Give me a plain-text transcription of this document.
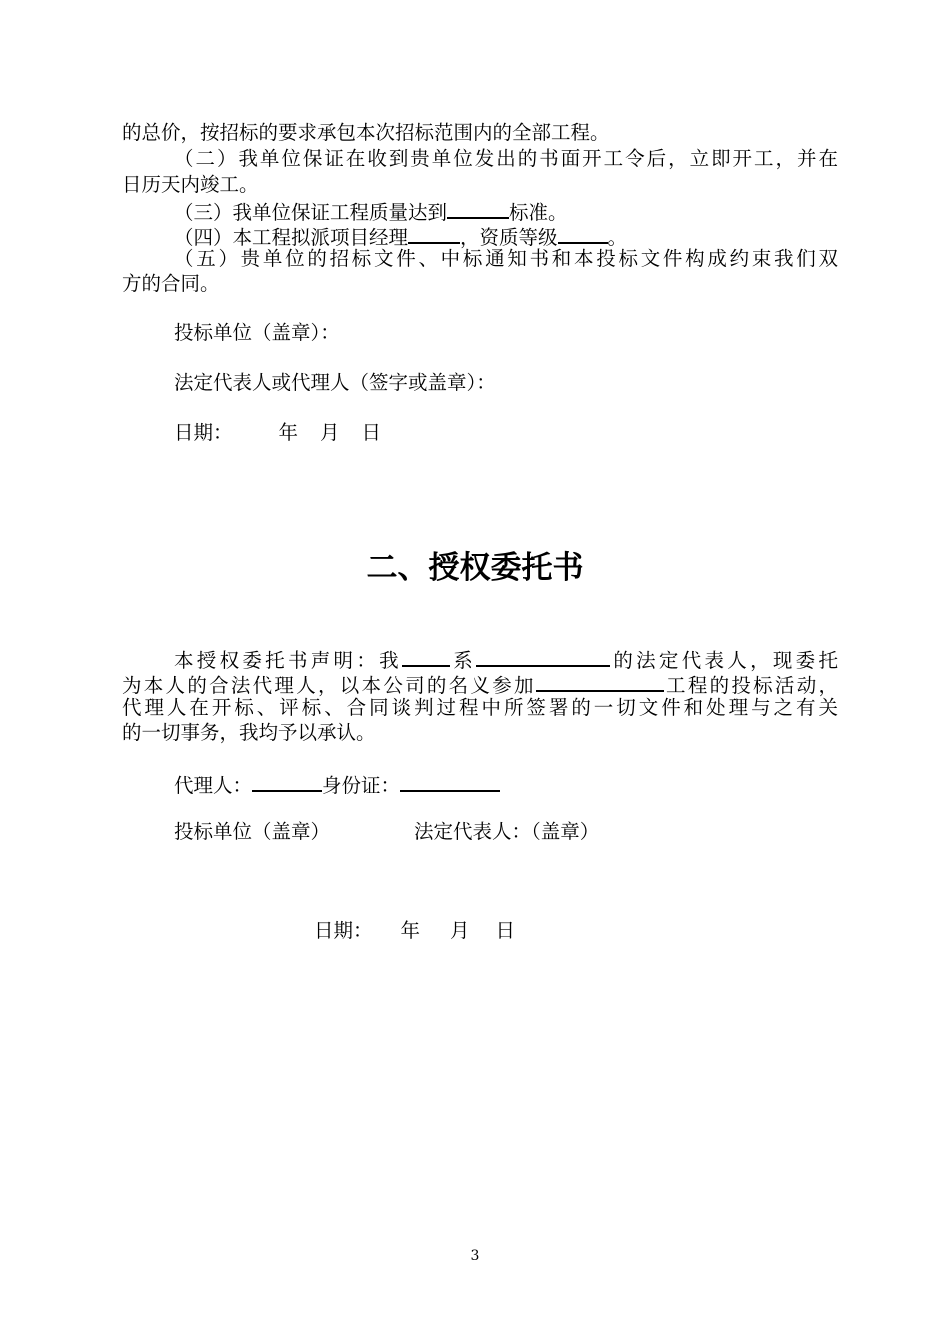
的总价，按招标的要求承包本次招标范围内的全部工程。
（二）我单位保证在收到贵单位发出的书面开工令后，立即开工，并在
日历天内竣工。
（三）我单位保证工程质量达到	标准。
（四）本工程拟派项目经理	，资质等级	。
（五）贵单位的招标文件、中标通知书和本投标文件构成约束我们双
方的合同。
投标单位（盖章）：
法定代表人或代理人（签字或盖章）：
日期： 年 月 日
二、授权委托书
本授权委托书声明：我 系	的法定代表人，现委托
为本人的合法代理人，以本公司的名义参加	工程的投标活动，
代理人在开标、评标、合同谈判过程中所签署的一切文件和处理与之有关
的一切事务，我均予以承认。
代理人：	身份证：
投标单位（盖章）	法定代表人：（盖章）
日期： 年 月 日
3
